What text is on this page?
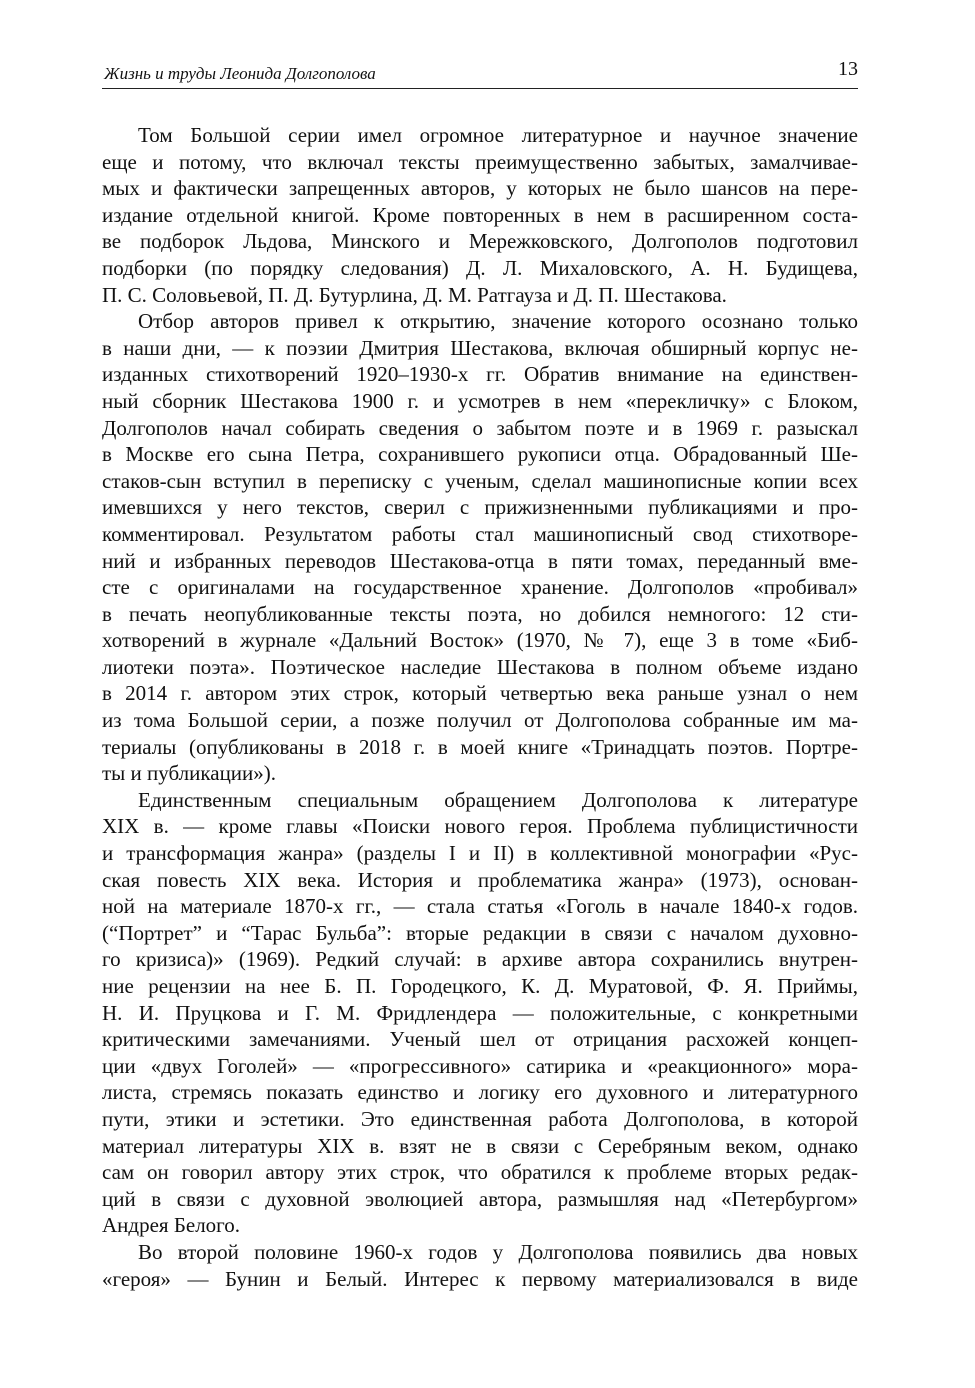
Жизнь и труды Леонида Долгополова	13

Том Большой серии имел огромное литературное и научное значение
еще и потому, что включал тексты преимущественно забытых, замалчивае-
мых и фактически запрещенных авторов, у которых не было шансов на пере-
издание отдельной книгой. Кроме повторенных в нем в расширенном соста-
ве подборок Льдова, Минского и Мережковского, Долгополов подготовил
подборки (по порядку следования) Д. Л. Михаловского, А. Н. Будищева,
П. С. Соловьевой, П. Д. Бутурлина, Д. М. Ратгауза и Д. П. Шестакова.

Отбор авторов привел к открытию, значение которого осознано только
в наши дни, — к поэзии Дмитрия Шестакова, включая обширный корпус не-
изданных стихотворений 1920–1930-х гг. Обратив внимание на единствен-
ный сборник Шестакова 1900 г. и усмотрев в нем «перекличку» с Блоком,
Долгополов начал собирать сведения о забытом поэте и в 1969 г. разыскал
в Москве его сына Петра, сохранившего рукописи отца. Обрадованный Ше-
стаков-сын вступил в переписку с ученым, сделал машинописные копии всех
имевшихся у него текстов, сверил с прижизненными публикациями и про-
комментировал. Результатом работы стал машинописный свод стихотворе-
ний и избранных переводов Шестакова-отца в пяти томах, переданный вме-
сте с оригиналами на государственное хранение. Долгополов «пробивал»
в печать неопубликованные тексты поэта, но добился немногого: 12 сти-
хотворений в журнале «Дальний Восток» (1970, № 7), еще 3 в томе «Биб-
лиотеки поэта». Поэтическое наследие Шестакова в полном объеме издано
в 2014 г. автором этих строк, который четвертью века раньше узнал о нем
из тома Большой серии, а позже получил от Долгополова собранные им ма-
териалы (опубликованы в 2018 г. в моей книге «Тринадцать поэтов. Портре-
ты и публикации»).

Единственным специальным обращением Долгополова к литературе
XIX в. — кроме главы «Поиски нового героя. Проблема публицистичности
и трансформация жанра» (разделы I и II) в коллективной монографии «Рус-
ская повесть XIX века. История и проблематика жанра» (1973), основан-
ной на материале 1870-х гг., — стала статья «Гоголь в начале 1840-х годов.
(“Портрет” и “Тарас Бульба”: вторые редакции в связи с началом духовно-
го кризиса)» (1969). Редкий случай: в архиве автора сохранились внутрен-
ние рецензии на нее Б. П. Городецкого, К. Д. Муратовой, Ф. Я. Приймы,
Н. И. Пруцкова и Г. М. Фридлендера — положительные, с конкретными
критическими замечаниями. Ученый шел от отрицания расхожей концеп-
ции «двух Гоголей» — «прогрессивного» сатирика и «реакционного» мора-
листа, стремясь показать единство и логику его духовного и литературного
пути, этики и эстетики. Это единственная работа Долгополова, в которой
материал литературы XIX в. взят не в связи с Серебряным веком, однако
сам он говорил автору этих строк, что обратился к проблеме вторых редак-
ций в связи с духовной эволюцией автора, размышляя над «Петербургом»
Андрея Белого.

Во второй половине 1960-х годов у Долгополова появились два новых
«героя» — Бунин и Белый. Интерес к первому материализовался в виде
